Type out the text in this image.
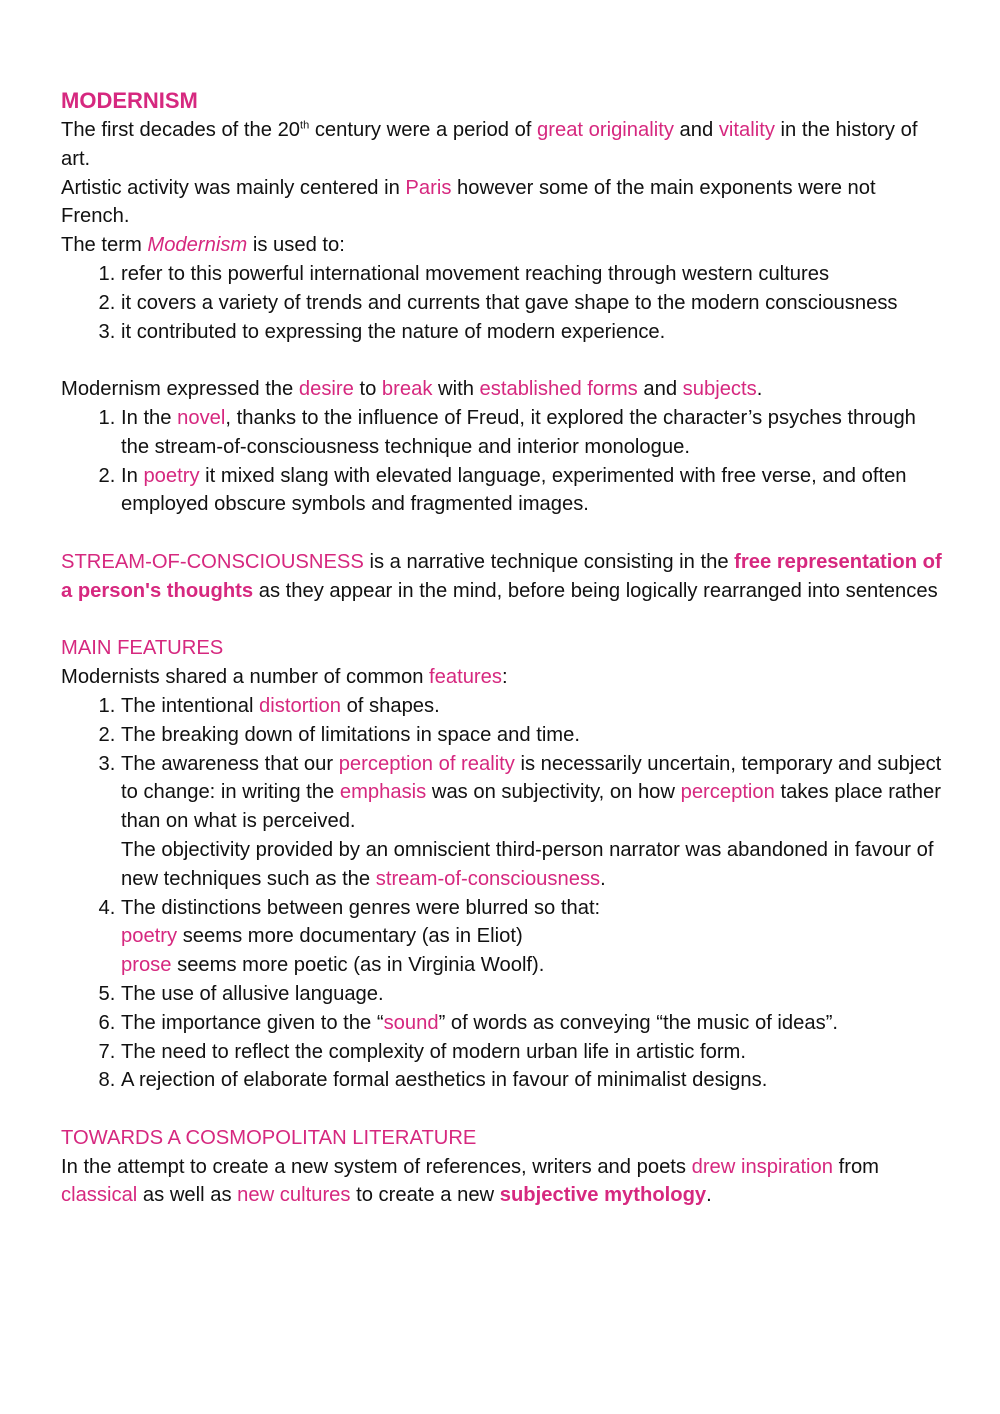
MODERNISM

The first decades of the 20th century were a period of great originality and vitality in the history of art.

Artistic activity was mainly centered in Paris however some of the main exponents were not French.

The term Modernism is used to:

1. refer to this powerful international movement reaching through western cultures
2. it covers a variety of trends and currents that gave shape to the modern consciousness
3. it contributed to expressing the nature of modern experience.

Modernism expressed the desire to break with established forms and subjects.

1. In the novel, thanks to the influence of Freud, it explored the character’s psyches through the stream-of-consciousness technique and interior monologue.
2. In poetry it mixed slang with elevated language, experimented with free verse, and often employed obscure symbols and fragmented images.

STREAM-OF-CONSCIOUSNESS is a narrative technique consisting in the free representation of a person's thoughts as they appear in the mind, before being logically rearranged into sentences

MAIN FEATURES

Modernists shared a number of common features:

1. The intentional distortion of shapes.
2. The breaking down of limitations in space and time.
3. The awareness that our perception of reality is necessarily uncertain, temporary and subject to change: in writing the emphasis was on subjectivity, on how perception takes place rather than on what is perceived.
The objectivity provided by an omniscient third-person narrator was abandoned in favour of new techniques such as the stream-of-consciousness.
4. The distinctions between genres were blurred so that:
poetry seems more documentary (as in Eliot)
prose seems more poetic (as in Virginia Woolf).
5. The use of allusive language.
6. The importance given to the “sound” of words as conveying “the music of ideas”.
7. The need to reflect the complexity of modern urban life in artistic form.
8. A rejection of elaborate formal aesthetics in favour of minimalist designs.

TOWARDS A COSMOPOLITAN LITERATURE

In the attempt to create a new system of references, writers and poets drew inspiration from classical as well as new cultures to create a new subjective mythology.
